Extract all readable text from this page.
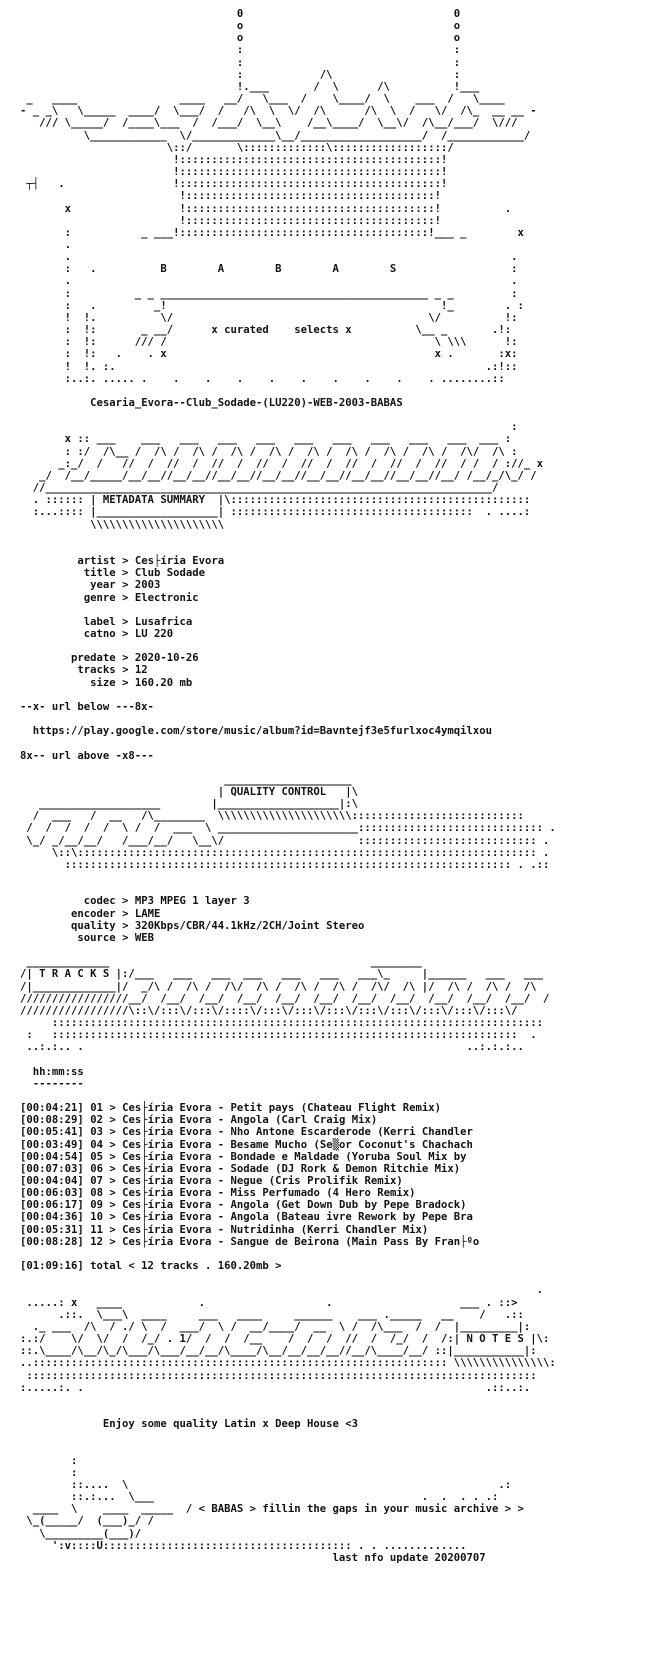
0                                 0
o                                 o
o                                 o
:                                 :
:                                 :
:            /\                   :
!.___       /  \      /\          !___
_   ____                ____   __/   \___  /    \____/  \    ___  /   \____
- _ _\   \_____  ____/  \___/  /   /\  \  \/  /\      /\  \  /   \/  /\_  __ __ -
/// \_____/  /____\___  /  /___/  \__\    /__\____/  \__\/  /\__/___/  \///
\____________  \/_____________\__/___________________/  /____________/
\::/       \:::::::::::::\::::::::::::::::::/
!:::::::::::::::::::::::::::::::::::::::::!
!:::::::::::::::::::::::::::::::::::::::::!
┬┤   .                 !:::::::::::::::::::::::::::::::::::::::::!
!:::::::::::::::::::::::::::::::::::::::!
x                 !:::::::::::::::::::::::::::::::::::::::!          .
!:::::::::::::::::::::::::::::::::::::::!
:           _ ___!:::::::::::::::::::::::::::::::::::::::!___ _        x
.
.                                                                     .
:   .          B        A        B        A        S                  :
.                                                                     .
:          _ _ __________________________________________ _ _         :
:   .         _!                                           !_        . :
!  !.          \/                                        \/          !:
:  !:       _ __/      x curated    selects x          \__ _       .!:
:  !:      /// /                                          \ \\\      !:
:  !:   .    . x                                          x .       :x:
!  !. :.                                                          .:!::
:..:. ..... .    .    .    .    .    .    .    .    .    . ........::

Cesaria_Evora--Club_Sodade-(LU220)-WEB-2003-BABAS

:
x :: ___    ___   ___   ___   ___   ___   ___   ___   ___   ___  ___ :
: :/  /\__ /  /\ /  /\ /  /\ /  /\ /  /\ /  /\ /  /\ /  /\ /  /\/  /\ :
_:_/  /   //  /  //  /  //  /  //  /  //  /  //  /  //  /  //  / /  / ://_ x
_/  /__/_____/__/__//__/__//__/__//__/__//__/__//__/__//__/__//__/ /__/_/\_/ /
//______________________________________________________________________/
. :::::: | METADATA SUMMARY  |\:::::::::::::::::::::::::::::::::::::::::::::::
:...:::: |___________________| ::::::::::::::::::::::::::::::::::::::  . ....:
\\\\\\\\\\\\\\\\\\\\\

artist > Ces├íria Evora
title > Club Sodade
year > 2003
genre > Electronic

label > Lusafrica
catno > LU 220

predate > 2020-10-26
tracks > 12
size > 160.20 mb

--x- url below ---8x-

https://play.google.com/store/music/album?id=Bavntejf3e5furlxoc4ymqilxou

8x-- url above -x8---

____________________
| QUALITY CONTROL   |\
___________________        |___________________|:\
/  ___   /  __   /\________  \\\\\\\\\\\\\\\\\\\\\:::::::::::::::::::::::::::
/  /  /  /  /  \ /  /  ___  \ ______________________::::::::::::::::::::::::::::: .
\_/ _/__/__/   /___/__/   \__\/                     :::::::::::::::::::::::::::: .
\::\:::::::::::::::::::::::::::::::::::::::::::::::::::::::::::::::::::::::: .
:::::::::::::::::::::::::::::::::::::::::::::::::::::::::::::::::::::: . .::

codec > MP3 MPEG 1 layer 3
encoder > LAME
quality > 320Kbps/CBR/44.1kHz/2CH/Joint Stereo
source > WEB

_____________                                         ________
/| T R A C K S |:/___   ___   ___  ___   ___   ___   ___\_     |______   ___   ___
/|_____________|/  _/\ /  /\ /  /\/  /\ /  /\ /  /\ /  /\/  /\ |/  /\ /  /\ /  /\
/////////////////__/  /__/  /__/  /__/  /__/  /__/  /__/  /__/  /__/  /__/  /__/  /
/////////////////\::\/:::\/:::\/::::\/:::\/:::\/:::\/:::\/:::\/:::\/:::\/:::\/
:::::::::::::::::::::::::::::::::::::::::::::::::::::::::::::::::::::::::::::
:   :::::::::::::::::::::::::::::::::::::::::::::::::::::::::::::::::::::::::  .
..:.:.. .                                                            ..:.:.:..

hh:mm:ss
--------

[00:04:21] 01 > Ces├íria Evora - Petit pays (Chateau Flight Remix)
[00:08:29] 02 > Ces├íria Evora - Angola (Carl Craig Mix)
[00:05:41] 03 > Ces├íria Evora - Nho Antone Escarderode (Kerri Chandler
[00:03:49] 04 > Ces├íria Evora - Besame Mucho (Se▒or Coconut's Chachach
[00:04:54] 05 > Ces├íria Evora - Bondade e Maldade (Yoruba Soul Mix by
[00:07:03] 06 > Ces├íria Evora - Sodade (DJ Rork & Demon Ritchie Mix)
[00:04:04] 07 > Ces├íria Evora - Negue (Cris Prolifik Remix)
[00:06:03] 08 > Ces├íria Evora - Miss Perfumado (4 Hero Remix)
[00:06:17] 09 > Ces├íria Evora - Angola (Get Down Dub by Pepe Bradock)
[00:04:36] 10 > Ces├íria Evora - Angola (Bateau ivre Rework by Pepe Bra
[00:05:31] 11 > Ces├íria Evora - Nutridinha (Kerri Chandler Mix)
[00:08:28] 12 > Ces├íria Evora - Sangue de Beirona (Main Pass By Fran├ºo

[01:09:16] total < 12 tracks . 160.20mb >

.
.....: x   ____            .                   .                    ___ . ::>
.::.  \___\  ____     ___   ____     ______    ___ ._____   __    /   .::
._ ___  /\  / ./ \  /  ___/  \ /  __/____/  __  \ /  /\___  /  /  |_________|:
:.:/    \/  \/  /  /_/ . 1/  /  /  /__    /  /  /  //  /  /_/  /  /:| N O T E S |\:
::.\____/\__/\_/\___/\___/__/__/\____/\__/__/__/__//__/\____/__/ ::|___________|:
..::::::::::::::::::::::::::::::::::::::::::::::::::::::::::::::::: \\\\\\\\\\\\\\\:
::::::::::::::::::::::::::::::::::::::::::::::::::::::::::::::::::::::::::::::::
:.....:. .                                                               .::..:.

Enjoy some quality Latin x Deep House <3

:
:
::....  \                                                          .:
::.:...  \___                                          .  .  . . .:
____  \    ____  _____  / < BABAS > fillin the gaps in your music archive > >
\_(_____/  (___)_/ /
\_________(___)/
':v::::U::::::::::::::::::::::::::::::::::::::: . . .............
last nfo update 20200707
